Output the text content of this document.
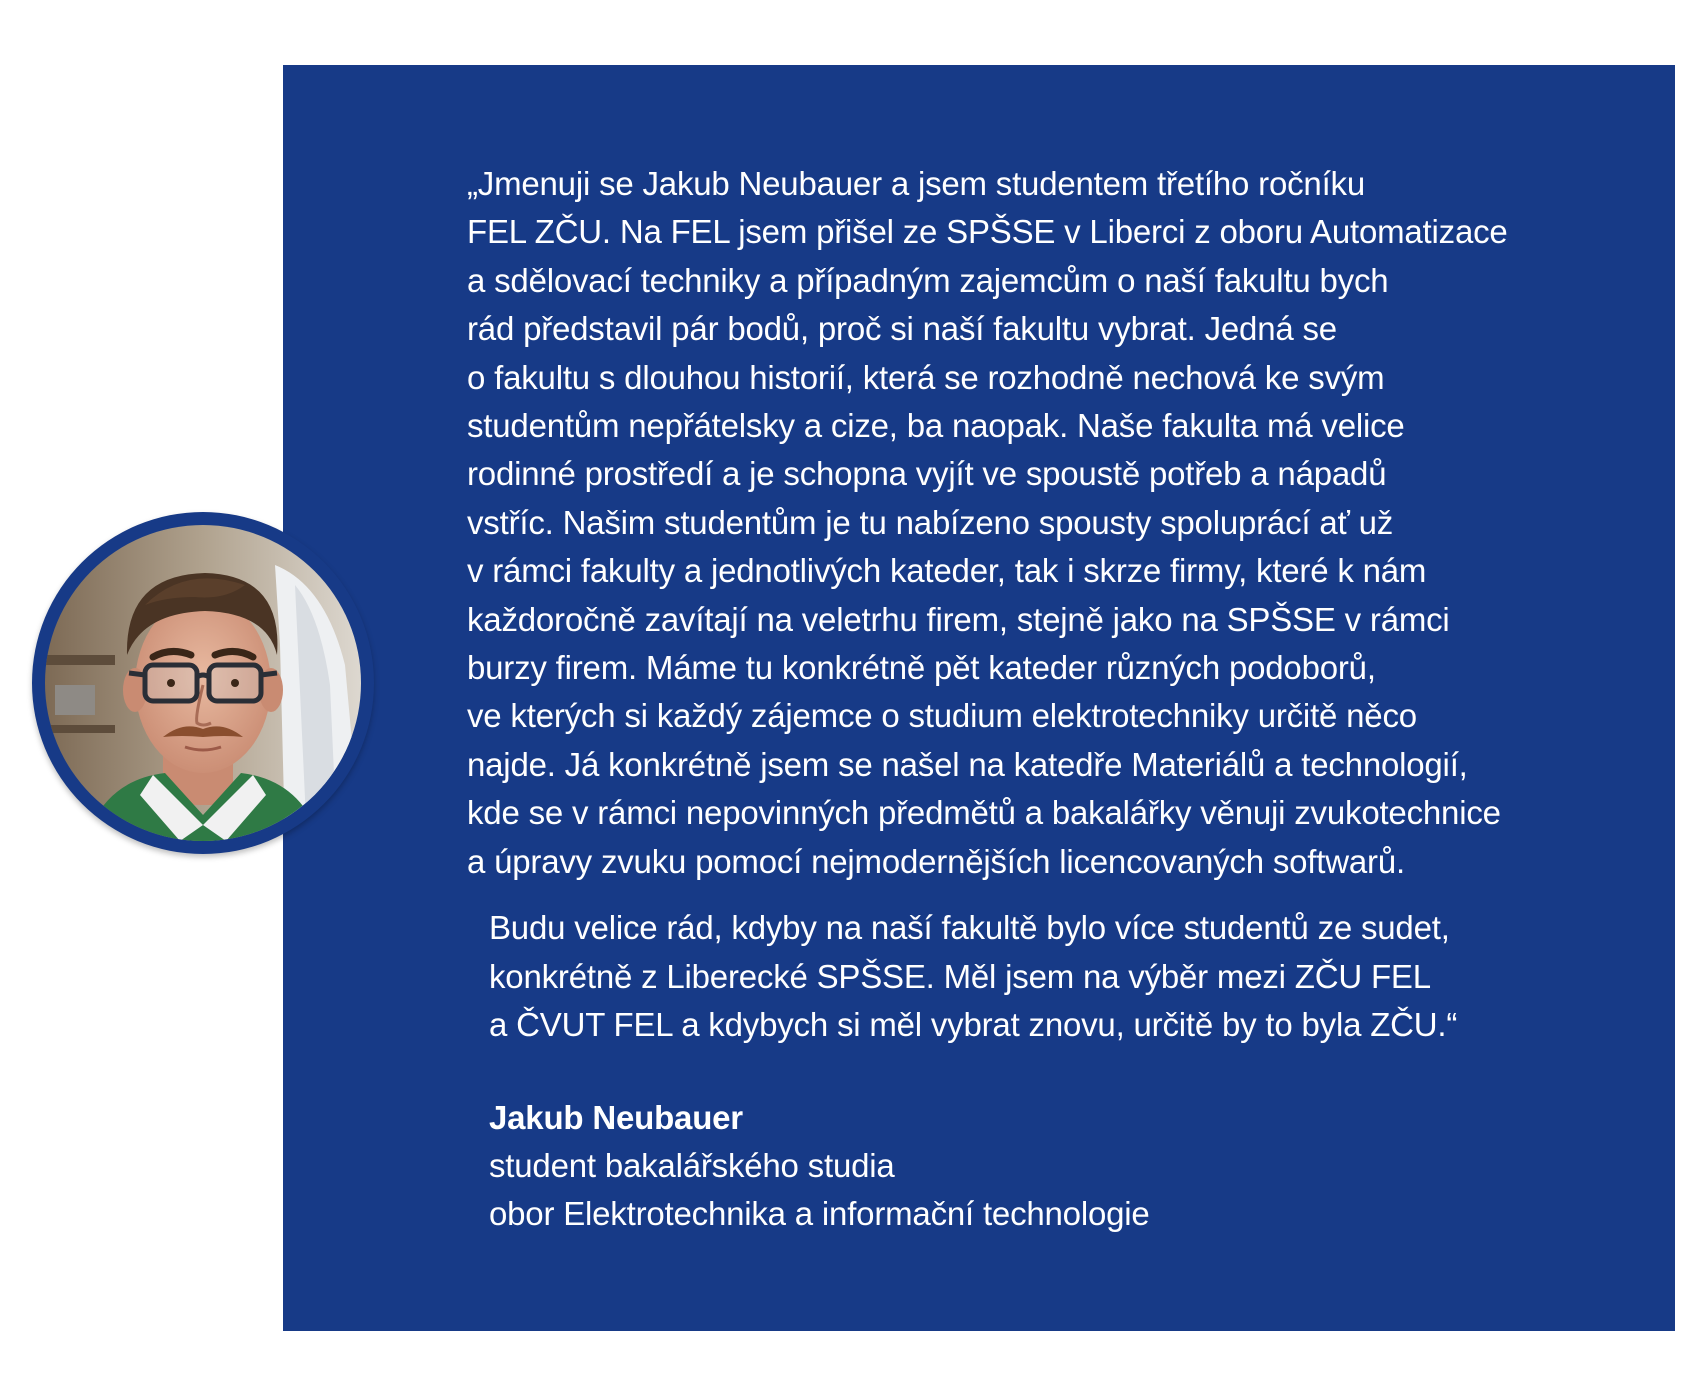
„Jmenuji se Jakub Neubauer a jsem studentem třetího ročníku
FEL ZČU. Na FEL jsem přišel ze SPŠSE v Liberci z oboru Automatizace
a sdělovací techniky a případným zajemcům o naší fakultu bych
rád představil pár bodů, proč si naší fakultu vybrat. Jedná se
o fakultu s dlouhou historií, která se rozhodně nechová ke svým
studentům nepřátelsky a cize, ba naopak. Naše fakulta má velice
rodinné prostředí a je schopna vyjít ve spoustě potřeb a nápadů
vstříc. Našim studentům je tu nabízeno spousty spoluprácí ať už
v rámci fakulty a jednotlivých kateder, tak i skrze firmy, které k nám
každoročně zavítají na veletrhu firem, stejně jako na SPŠSE v rámci
burzy firem. Máme tu konkrétně pět kateder různých podoborů,
ve kterých si každý zájemce o studium elektrotechniky určitě něco
najde. Já konkrétně jsem se našel na katedře Materiálů a technologií,
kde se v rámci nepovinných předmětů a bakalářky věnuji zvukotechnice
a úpravy zvuku pomocí nejmodernějších licencovaných softwarů.

Budu velice rád, kdyby na naší fakultě bylo více studentů ze sudet,
konkrétně z Liberecké SPŠSE. Měl jsem na výběr mezi ZČU FEL
a ČVUT FEL a kdybych si měl vybrat znovu, určitě by to byla ZČU.“

Jakub Neubauer
student bakalářského studia
obor Elektrotechnika a informační technologie
